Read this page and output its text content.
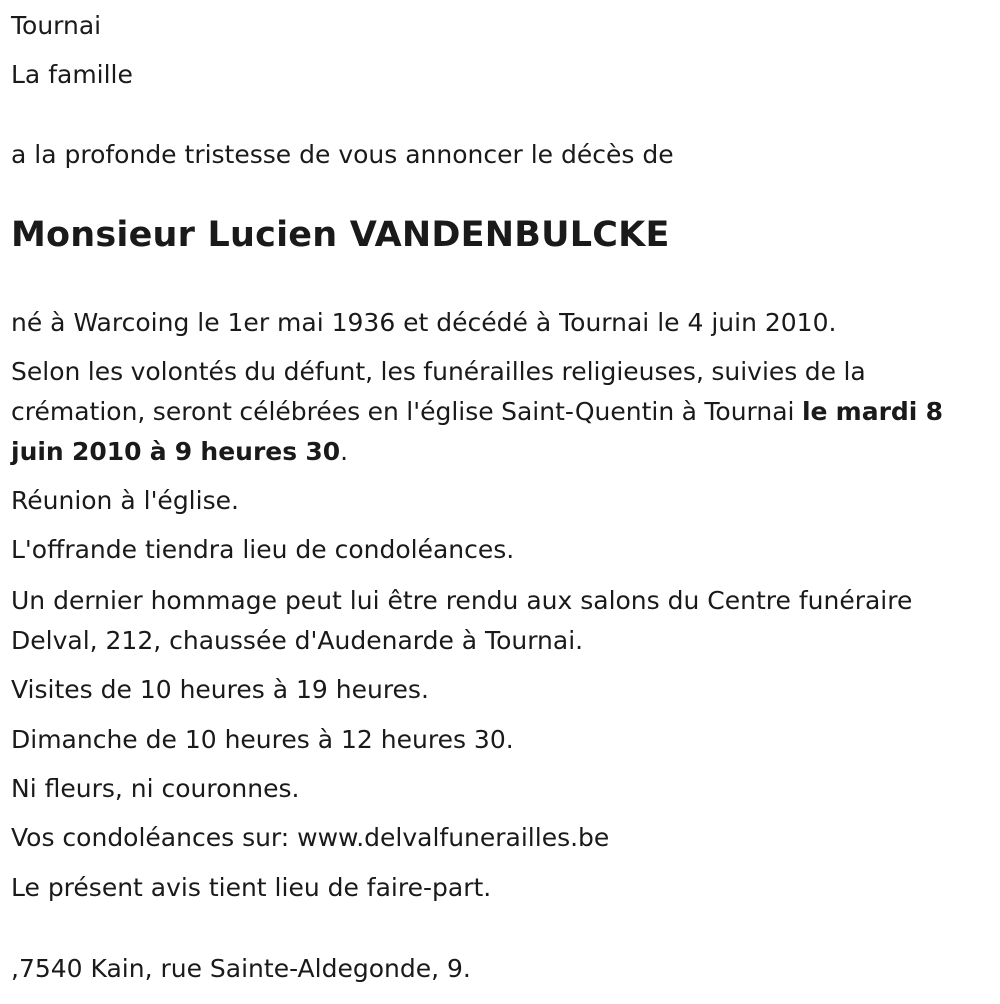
Tournai

La famille

a la profonde tristesse de vous annoncer le décès de

Monsieur Lucien VANDENBULCKE

né à Warcoing le 1er mai 1936 et décédé à Tournai le 4 juin 2010.

Selon les volontés du défunt, les funérailles religieuses, suivies de la crémation, seront célébrées en l'église Saint-Quentin à Tournai le mardi 8 juin 2010 à 9 heures 30.

Réunion à l'église.

L'offrande tiendra lieu de condoléances.

Un dernier hommage peut lui être rendu aux salons du Centre funéraire Delval, 212, chaussée d'Audenarde à Tournai.

Visites de 10 heures à 19 heures.

Dimanche de 10 heures à 12 heures 30.

Ni fleurs, ni couronnes.

Vos condoléances sur: www.delvalfunerailles.be

Le présent avis tient lieu de faire-part.

,7540 Kain, rue Sainte-Aldegonde, 9.
